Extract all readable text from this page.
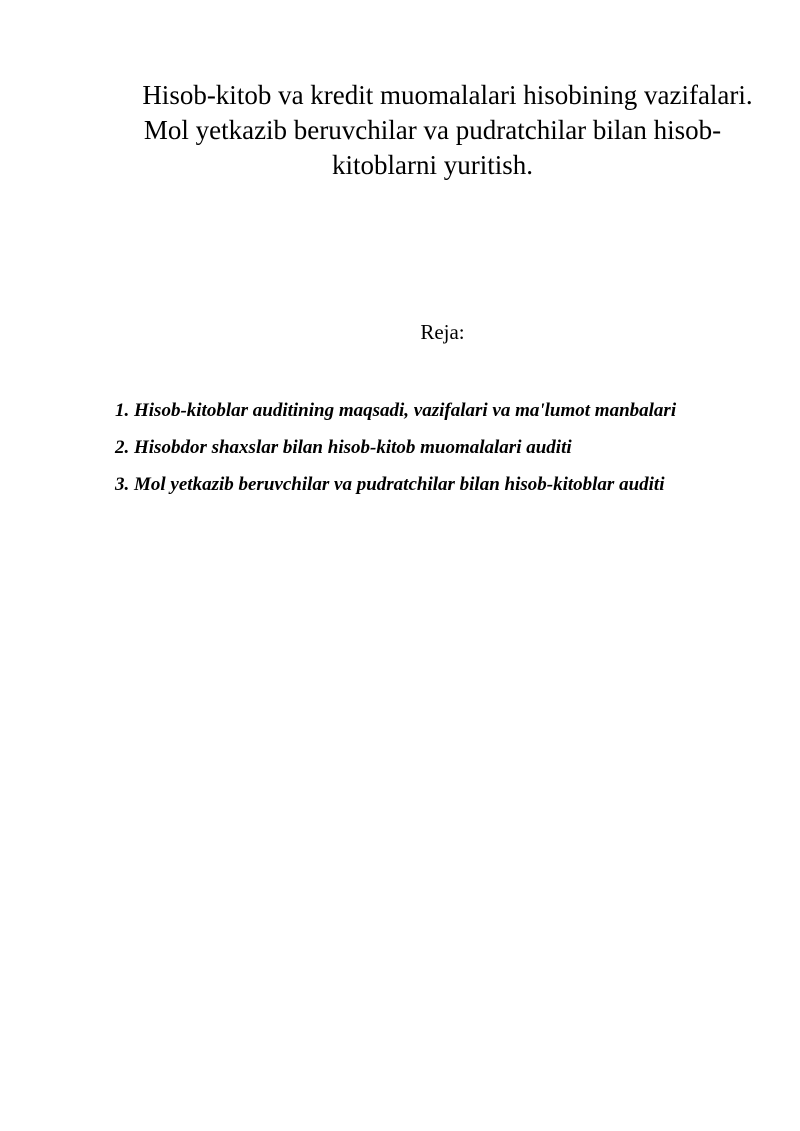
Hisob-kitob va kredit muomalalari hisobining vazifalari. Mol yetkazib beruvchilar va pudratchilar bilan hisob-kitoblarni yuritish.
Reja:
1. Hisob-kitoblar auditining maqsadi, vazifalari va ma'lumot manbalari
2. Hisobdor shaxslar bilan hisob-kitob muomalalari auditi
3. Mol yetkazib beruvchilar va pudratchilar bilan hisob-kitoblar auditi
